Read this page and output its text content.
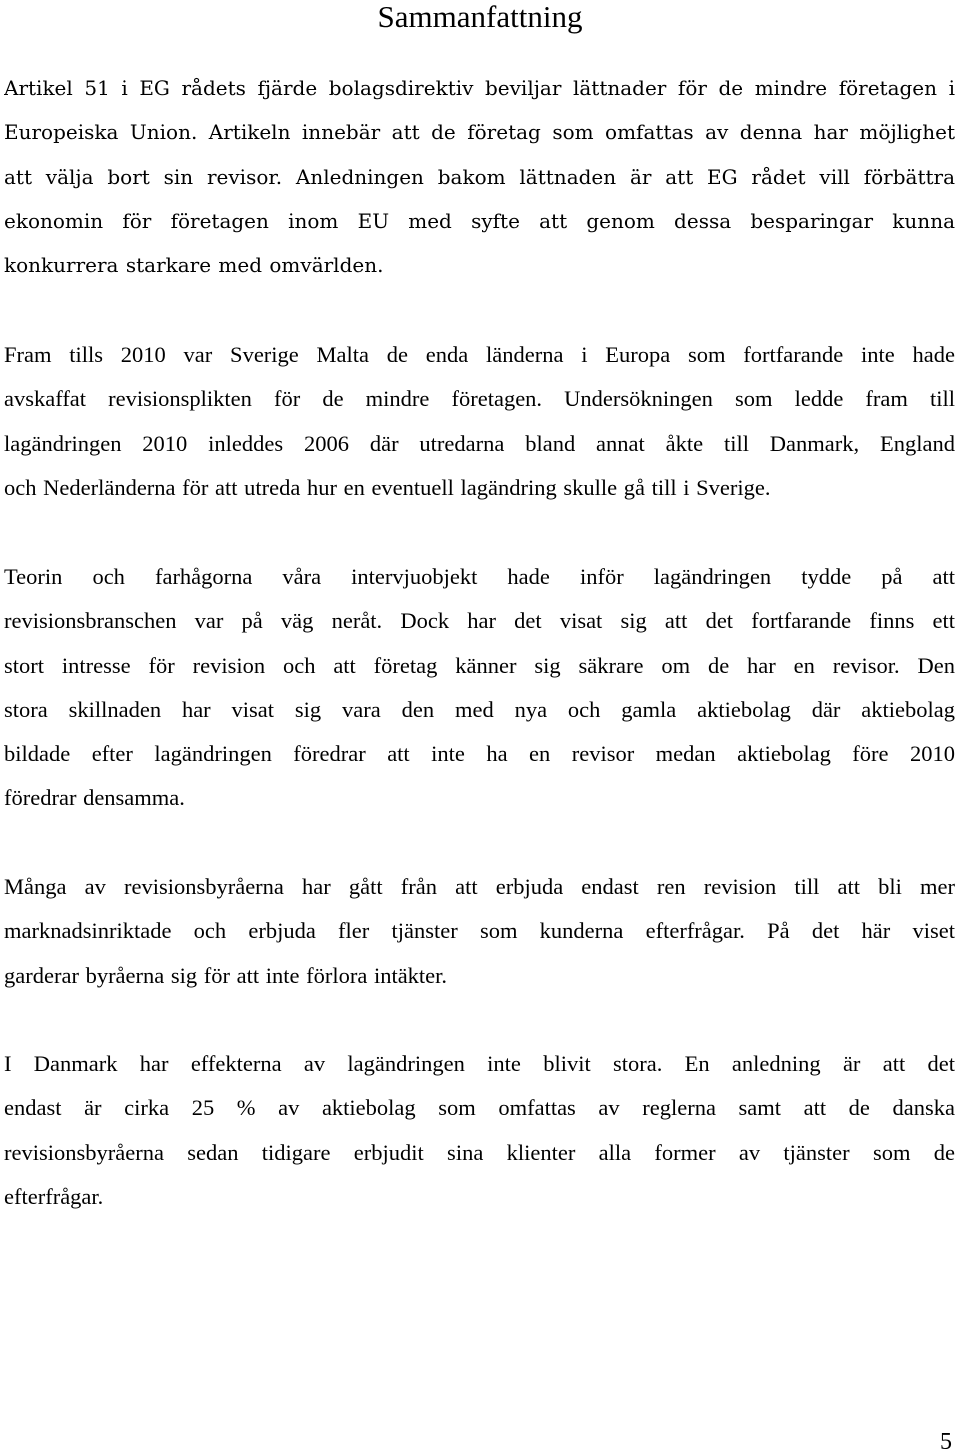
Sammanfattning
Artikel 51 i EG rådets fjärde bolagsdirektiv beviljar lättnader för de mindre företagen i
Europeiska Union. Artikeln innebär att de företag som omfattas av denna har möjlighet
att välja bort sin revisor. Anledningen bakom lättnaden är att EG rådet vill förbättra
ekonomin för företagen inom EU med syfte att genom dessa besparingar kunna
konkurrera starkare med omvärlden.
Fram tills 2010 var Sverige Malta de enda länderna i Europa som fortfarande inte hade
avskaffat revisionsplikten för de mindre företagen. Undersökningen som ledde fram till
lagändringen 2010 inleddes 2006 där utredarna bland annat åkte till Danmark, England
och Nederländerna för att utreda hur en eventuell lagändring skulle gå till i Sverige.
Teorin och farhågorna våra intervjuobjekt hade inför lagändringen tydde på att
revisionsbranschen var på väg neråt. Dock har det visat sig att det fortfarande finns ett
stort intresse för revision och att företag känner sig säkrare om de har en revisor. Den
stora skillnaden har visat sig vara den med nya och gamla aktiebolag där aktiebolag
bildade efter lagändringen föredrar att inte ha en revisor medan aktiebolag före 2010
föredrar densamma.
Många av revisionsbyråerna har gått från att erbjuda endast ren revision till att bli mer
marknadsinriktade och erbjuda fler tjänster som kunderna efterfrågar. På det här viset
garderar byråerna sig för att inte förlora intäkter.
I Danmark har effekterna av lagändringen inte blivit stora. En anledning är att det
endast är cirka 25 % av aktiebolag som omfattas av reglerna samt att de danska
revisionsbyråerna sedan tidigare erbjudit sina klienter alla former av tjänster som de
efterfrågar.
5
